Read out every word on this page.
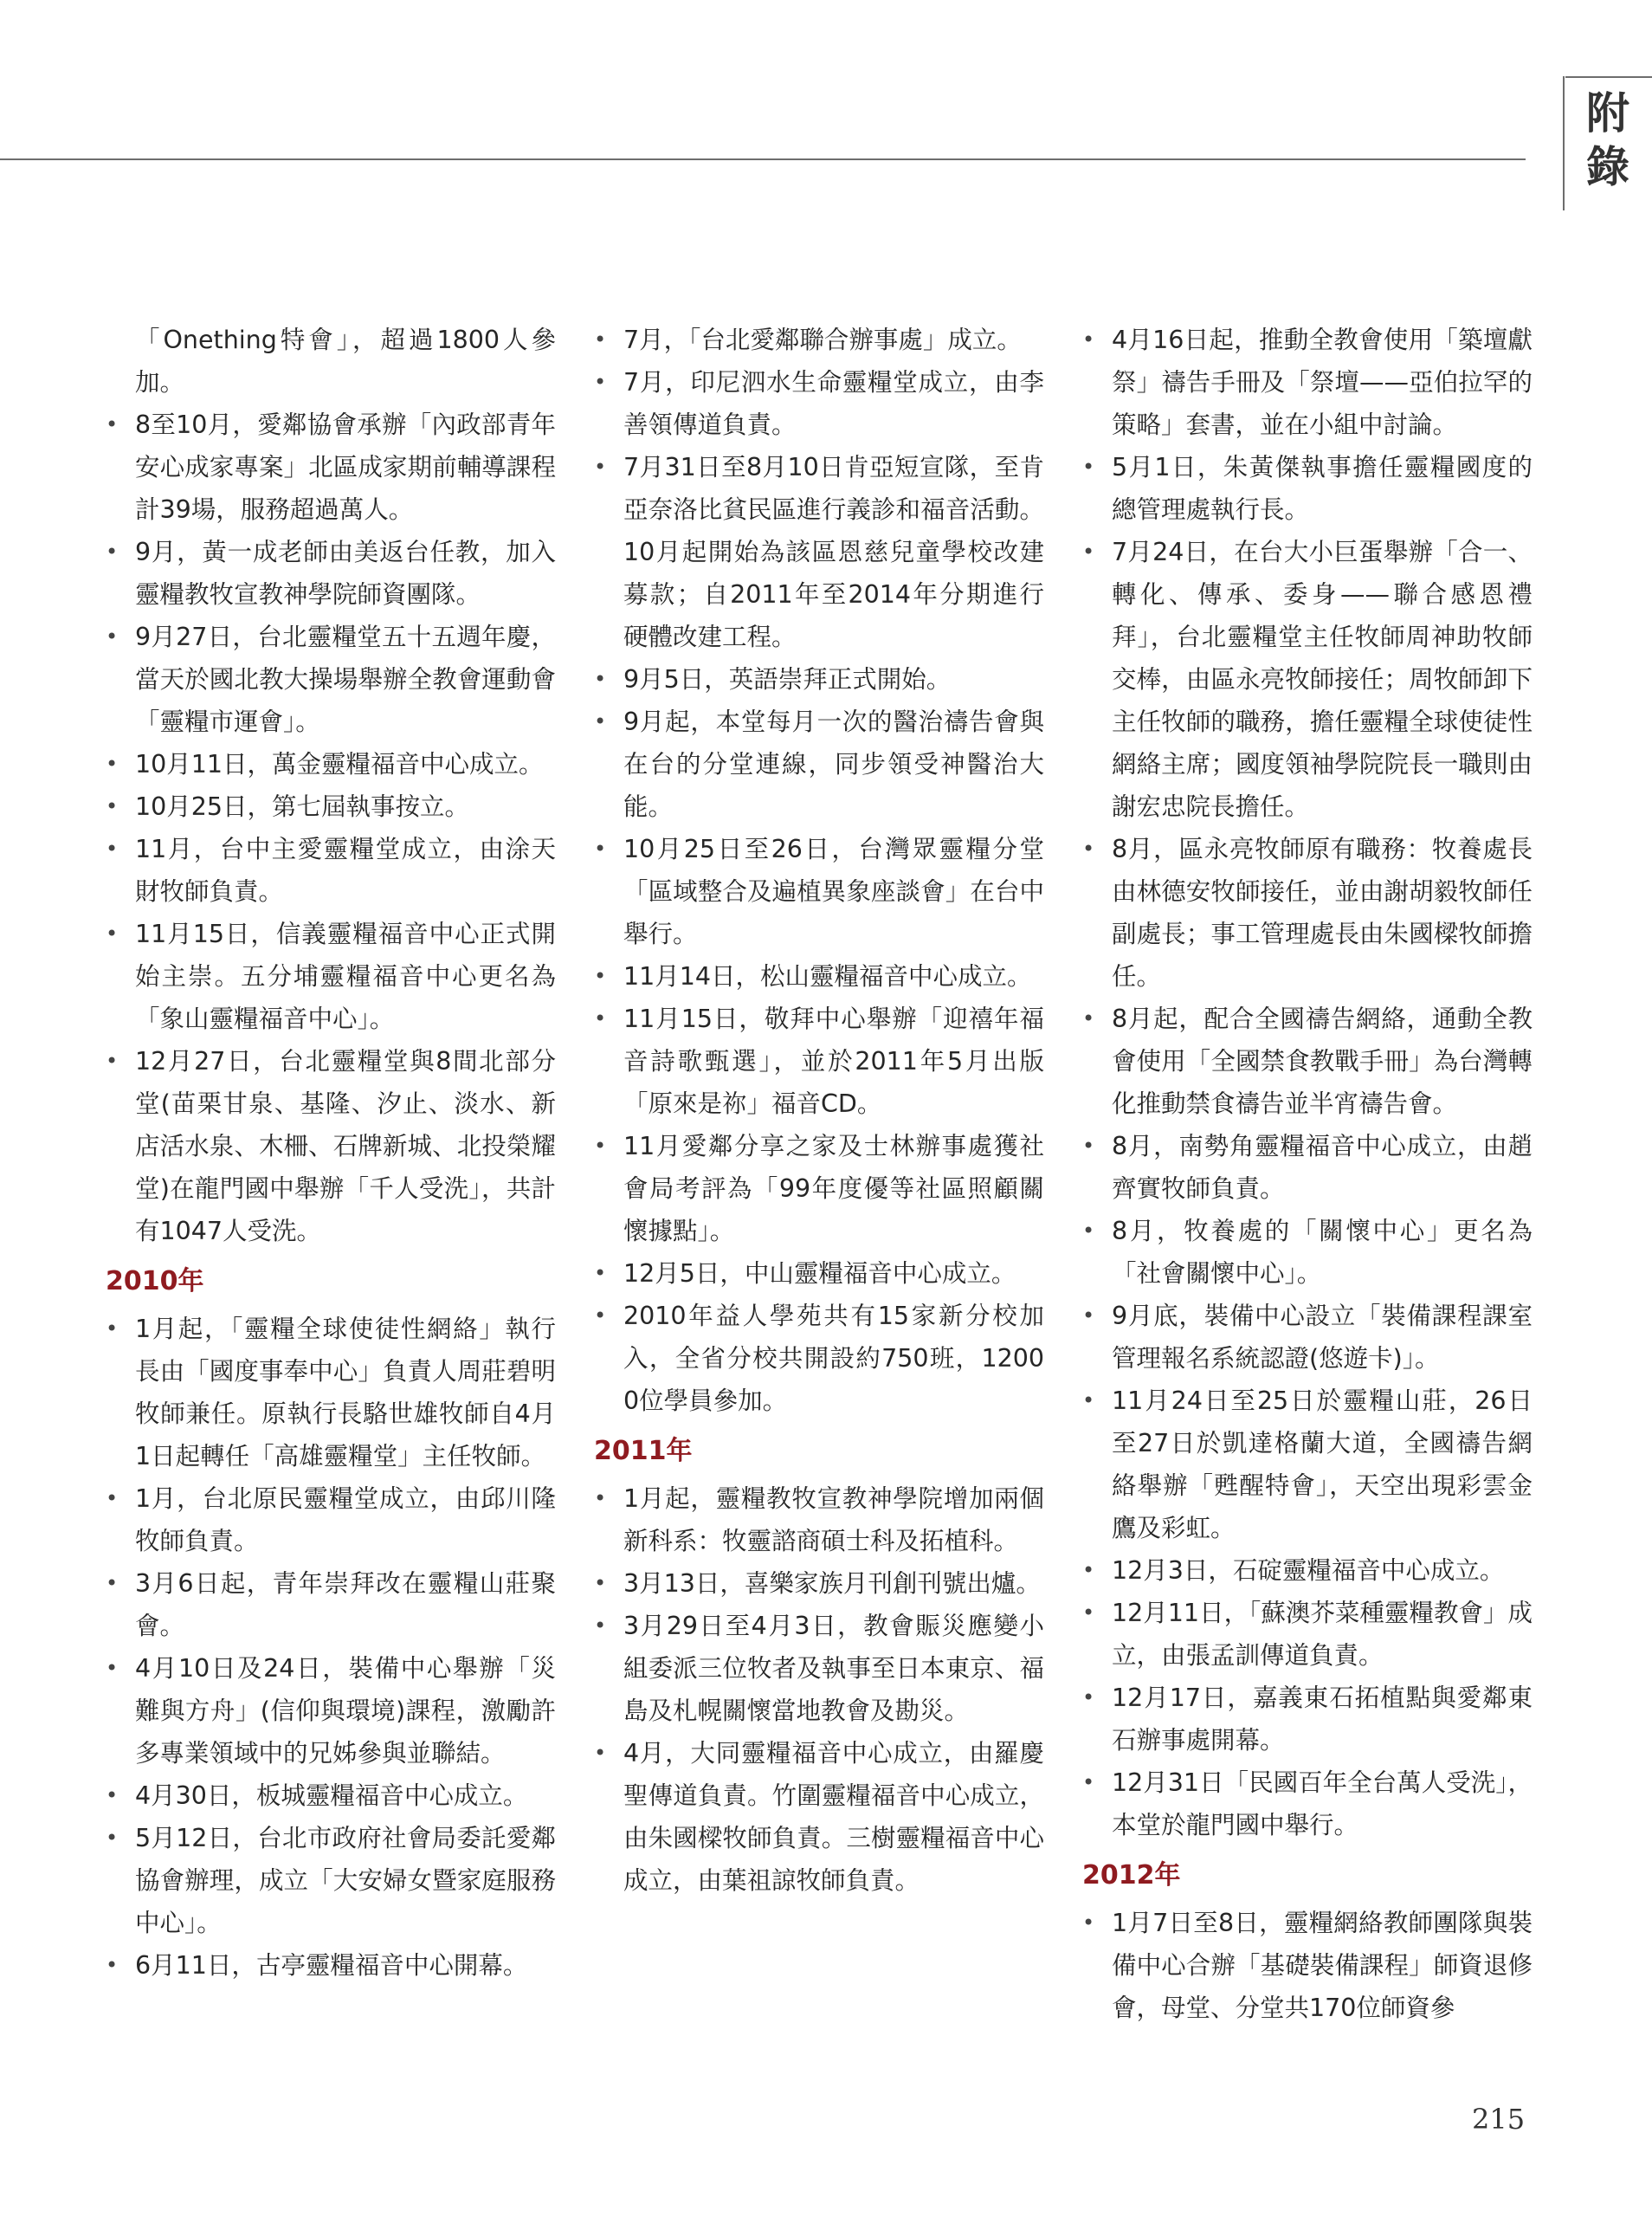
附
錄
「Onething特會」，超過1800人參加。
• 8至10月，愛鄰協會承辦「內政部青年安心成家專案」北區成家期前輔導課程計39場，服務超過萬人。
• 9月，黃一成老師由美返台任教，加入靈糧教牧宣教神學院師資團隊。
• 9月27日，台北靈糧堂五十五週年慶，當天於國北教大操場舉辦全教會運動會「靈糧市運會」。
• 10月11日，萬金靈糧福音中心成立。
• 10月25日，第七屆執事按立。
• 11月，台中主愛靈糧堂成立，由涂天財牧師負責。
• 11月15日，信義靈糧福音中心正式開始主崇。五分埔靈糧福音中心更名為「象山靈糧福音中心」。
• 12月27日，台北靈糧堂與8間北部分堂(苗栗甘泉、基隆、汐止、淡水、新店活水泉、木柵、石牌新城、北投榮耀堂)在龍門國中舉辦「千人受洗」，共計有1047人受洗。
2010年
• 1月起，「靈糧全球使徒性網絡」執行長由「國度事奉中心」負責人周莊碧明牧師兼任。原執行長駱世雄牧師自4月1日起轉任「高雄靈糧堂」主任牧師。
• 1月，台北原民靈糧堂成立，由邱川隆牧師負責。
• 3月6日起，青年崇拜改在靈糧山莊聚會。
• 4月10日及24日，裝備中心舉辦「災難與方舟」(信仰與環境)課程，激勵許多專業領域中的兄姊參與並聯結。
• 4月30日，板城靈糧福音中心成立。
• 5月12日，台北市政府社會局委託愛鄰協會辦理，成立「大安婦女暨家庭服務中心」。
• 6月11日，古亭靈糧福音中心開幕。
• 7月，「台北愛鄰聯合辦事處」成立。
• 7月，印尼泗水生命靈糧堂成立，由李善領傳道負責。
• 7月31日至8月10日肯亞短宣隊，至肯亞奈洛比貧民區進行義診和福音活動。10月起開始為該區恩慈兒童學校改建募款；自2011年至2014年分期進行硬體改建工程。
• 9月5日，英語崇拜正式開始。
• 9月起，本堂每月一次的醫治禱告會與在台的分堂連線，同步領受神醫治大能。
• 10月25日至26日，台灣眾靈糧分堂「區域整合及遍植異象座談會」在台中舉行。
• 11月14日，松山靈糧福音中心成立。
• 11月15日，敬拜中心舉辦「迎禧年福音詩歌甄選」，並於2011年5月出版「原來是祢」福音CD。
• 11月愛鄰分享之家及士林辦事處獲社會局考評為「99年度優等社區照顧關懷據點」。
• 12月5日，中山靈糧福音中心成立。
• 2010年益人學苑共有15家新分校加入，全省分校共開設約750班，12000位學員參加。
2011年
• 1月起，靈糧教牧宣教神學院增加兩個新科系：牧靈諮商碩士科及拓植科。
• 3月13日，喜樂家族月刊創刊號出爐。
• 3月29日至4月3日，教會賑災應變小組委派三位牧者及執事至日本東京、福島及札幌關懷當地教會及勘災。
• 4月，大同靈糧福音中心成立，由羅慶聖傳道負責。竹圍靈糧福音中心成立，由朱國樑牧師負責。三樹靈糧福音中心成立，由葉祖諒牧師負責。
• 4月16日起，推動全教會使用「築壇獻祭」禱告手冊及「祭壇——亞伯拉罕的策略」套書，並在小組中討論。
• 5月1日，朱黃傑執事擔任靈糧國度的總管理處執行長。
• 7月24日，在台大小巨蛋舉辦「合一、轉化、傳承、委身——聯合感恩禮拜」，台北靈糧堂主任牧師周神助牧師交棒，由區永亮牧師接任；周牧師卸下主任牧師的職務，擔任靈糧全球使徒性網絡主席；國度領袖學院院長一職則由謝宏忠院長擔任。
• 8月，區永亮牧師原有職務：牧養處長由林德安牧師接任，並由謝胡毅牧師任副處長；事工管理處長由朱國樑牧師擔任。
• 8月起，配合全國禱告網絡，通動全教會使用「全國禁食教戰手冊」為台灣轉化推動禁食禱告並半宵禱告會。
• 8月，南勢角靈糧福音中心成立，由趙齊實牧師負責。
• 8月，牧養處的「關懷中心」更名為「社會關懷中心」。
• 9月底，裝備中心設立「裝備課程課室管理報名系統認證(悠遊卡)」。
• 11月24日至25日於靈糧山莊，26日至27日於凱達格蘭大道，全國禱告網絡舉辦「甦醒特會」，天空出現彩雲金鷹及彩虹。
• 12月3日，石碇靈糧福音中心成立。
• 12月11日，「蘇澳芥菜種靈糧教會」成立，由張孟訓傳道負責。
• 12月17日，嘉義東石拓植點與愛鄰東石辦事處開幕。
• 12月31日「民國百年全台萬人受洗」，本堂於龍門國中舉行。
2012年
• 1月7日至8日，靈糧網絡教師團隊與裝備中心合辦「基礎裝備課程」師資退修會，母堂、分堂共170位師資參
215
